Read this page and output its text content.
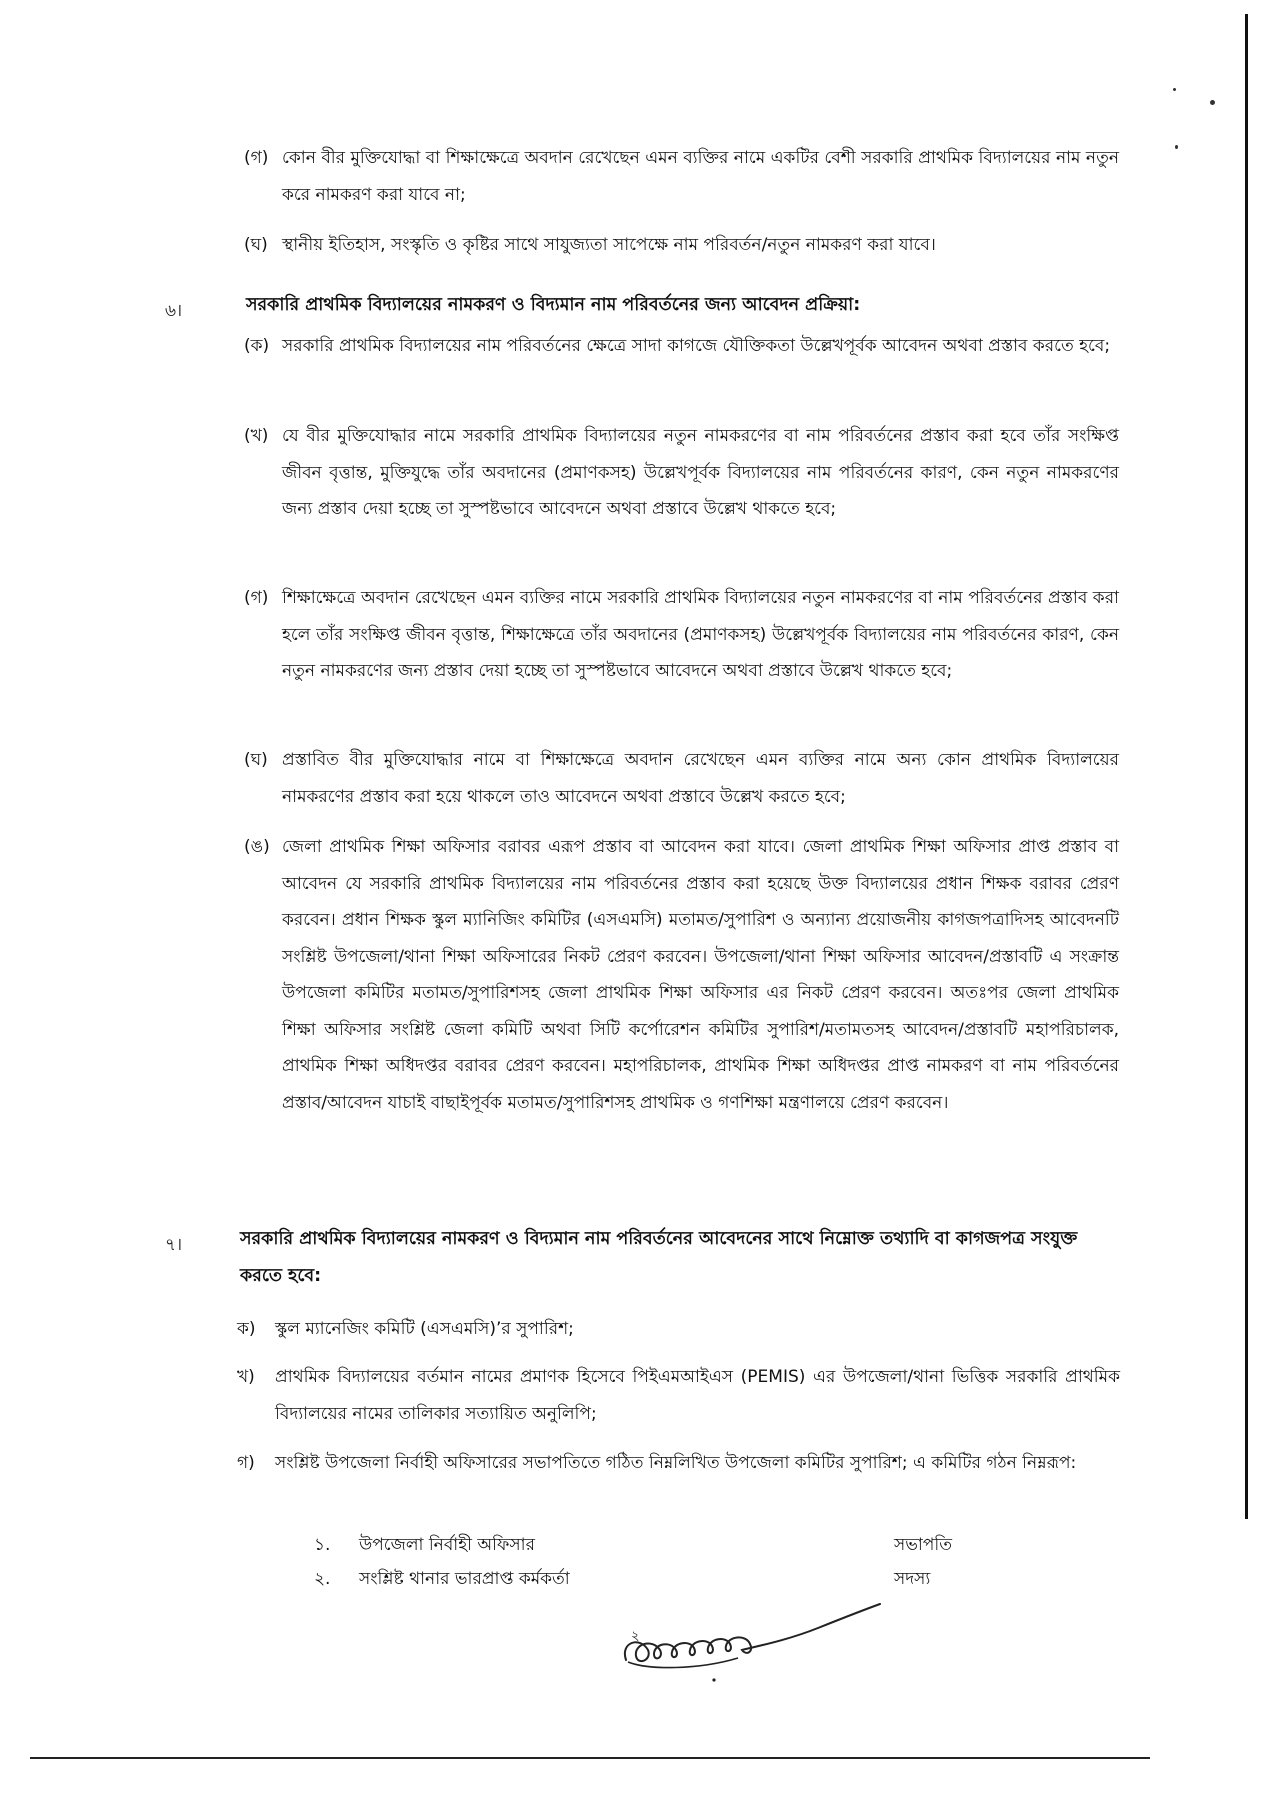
(গ) কোন বীর মুক্তিযোদ্ধা বা শিক্ষাক্ষেত্রে অবদান রেখেছেন এমন ব্যক্তির নামে একটির বেশী সরকারি প্রাথমিক বিদ্যালয়ের নাম নতুন করে নামকরণ করা যাবে না;
(ঘ) স্থানীয় ইতিহাস, সংস্কৃতি ও কৃষ্টির সাথে সাযুজ্যতা সাপেক্ষে নাম পরিবর্তন/নতুন নামকরণ করা যাবে।
৬।	সরকারি প্রাথমিক বিদ্যালয়ের নামকরণ ও বিদ্যমান নাম পরিবর্তনের জন্য আবেদন প্রক্রিয়া:
(ক) সরকারি প্রাথমিক বিদ্যালয়ের নাম পরিবর্তনের ক্ষেত্রে সাদা কাগজে যৌক্তিকতা উল্লেখপূর্বক আবেদন অথবা প্রস্তাব করতে হবে;
(খ) যে বীর মুক্তিযোদ্ধার নামে সরকারি প্রাথমিক বিদ্যালয়ের নতুন নামকরণের বা নাম পরিবর্তনের প্রস্তাব করা হবে তাঁর সংক্ষিপ্ত জীবন বৃত্তান্ত, মুক্তিযুদ্ধে তাঁর অবদানের (প্রমাণকসহ) উল্লেখপূর্বক বিদ্যালয়ের নাম পরিবর্তনের কারণ, কেন নতুন নামকরণের জন্য প্রস্তাব দেয়া হচ্ছে তা সুস্পষ্টভাবে আবেদনে অথবা প্রস্তাবে উল্লেখ থাকতে হবে;
(গ) শিক্ষাক্ষেত্রে অবদান রেখেছেন এমন ব্যক্তির নামে সরকারি প্রাথমিক বিদ্যালয়ের নতুন নামকরণের বা নাম পরিবর্তনের প্রস্তাব করা হলে তাঁর সংক্ষিপ্ত জীবন বৃত্তান্ত, শিক্ষাক্ষেত্রে তাঁর অবদানের (প্রমাণকসহ) উল্লেখপূর্বক বিদ্যালয়ের নাম পরিবর্তনের কারণ, কেন নতুন নামকরণের জন্য প্রস্তাব দেয়া হচ্ছে তা সুস্পষ্টভাবে আবেদনে অথবা প্রস্তাবে উল্লেখ থাকতে হবে;
(ঘ) প্রস্তাবিত বীর মুক্তিযোদ্ধার নামে বা শিক্ষাক্ষেত্রে অবদান রেখেছেন এমন ব্যক্তির নামে অন্য কোন প্রাথমিক বিদ্যালয়ের নামকরণের প্রস্তাব করা হয়ে থাকলে তাও আবেদনে অথবা প্রস্তাবে উল্লেখ করতে হবে;
(ঙ) জেলা প্রাথমিক শিক্ষা অফিসার বরাবর এরূপ প্রস্তাব বা আবেদন করা যাবে। জেলা প্রাথমিক শিক্ষা অফিসার প্রাপ্ত প্রস্তাব বা আবেদন যে সরকারি প্রাথমিক বিদ্যালয়ের নাম পরিবর্তনের প্রস্তাব করা হয়েছে উক্ত বিদ্যালয়ের প্রধান শিক্ষক বরাবর প্রেরণ করবেন। প্রধান শিক্ষক স্কুল ম্যানিজিং কমিটির (এসএমসি) মতামত/সুপারিশ ও অন্যান্য প্রয়োজনীয় কাগজপত্রাদিসহ আবেদনটি সংশ্লিষ্ট উপজেলা/থানা শিক্ষা অফিসারের নিকট প্রেরণ করবেন। উপজেলা/থানা শিক্ষা অফিসার আবেদন/প্রস্তাবটি এ সংক্রান্ত উপজেলা কমিটির মতামত/সুপারিশসহ জেলা প্রাথমিক শিক্ষা অফিসার এর নিকট প্রেরণ করবেন। অতঃপর জেলা প্রাথমিক শিক্ষা অফিসার সংশ্লিষ্ট জেলা কমিটি অথবা সিটি কর্পোরেশন কমিটির সুপারিশ/মতামতসহ আবেদন/প্রস্তাবটি মহাপরিচালক, প্রাথমিক শিক্ষা অধিদপ্তর বরাবর প্রেরণ করবেন। মহাপরিচালক, প্রাথমিক শিক্ষা অধিদপ্তর প্রাপ্ত নামকরণ বা নাম পরিবর্তনের প্রস্তাব/আবেদন যাচাই বাছাইপূর্বক মতামত/সুপারিশসহ প্রাথমিক ও গণশিক্ষা মন্ত্রণালয়ে প্রেরণ করবেন।
৭।	সরকারি প্রাথমিক বিদ্যালয়ের নামকরণ ও বিদ্যমান নাম পরিবর্তনের আবেদনের সাথে নিম্নোক্ত তথ্যাদি বা কাগজপত্র সংযুক্ত করতে হবে:
ক) স্কুল ম্যানেজিং কমিটি (এসএমসি)’র সুপারিশ;
খ) প্রাথমিক বিদ্যালয়ের বর্তমান নামের প্রমাণক হিসেবে পিইএমআইএস (PEMIS) এর উপজেলা/থানা ভিত্তিক সরকারি প্রাথমিক বিদ্যালয়ের নামের তালিকার সত্যায়িত অনুলিপি;
গ) সংশ্লিষ্ট উপজেলা নির্বাহী অফিসারের সভাপতিতে গঠিত নিম্নলিখিত উপজেলা কমিটির সুপারিশ; এ কমিটির গঠন নিম্নরূপ:
১. উপজেলা নির্বাহী অফিসার	সভাপতি
২. সংশ্লিষ্ট থানার ভারপ্রাপ্ত কর্মকর্তা	সদস্য
২
